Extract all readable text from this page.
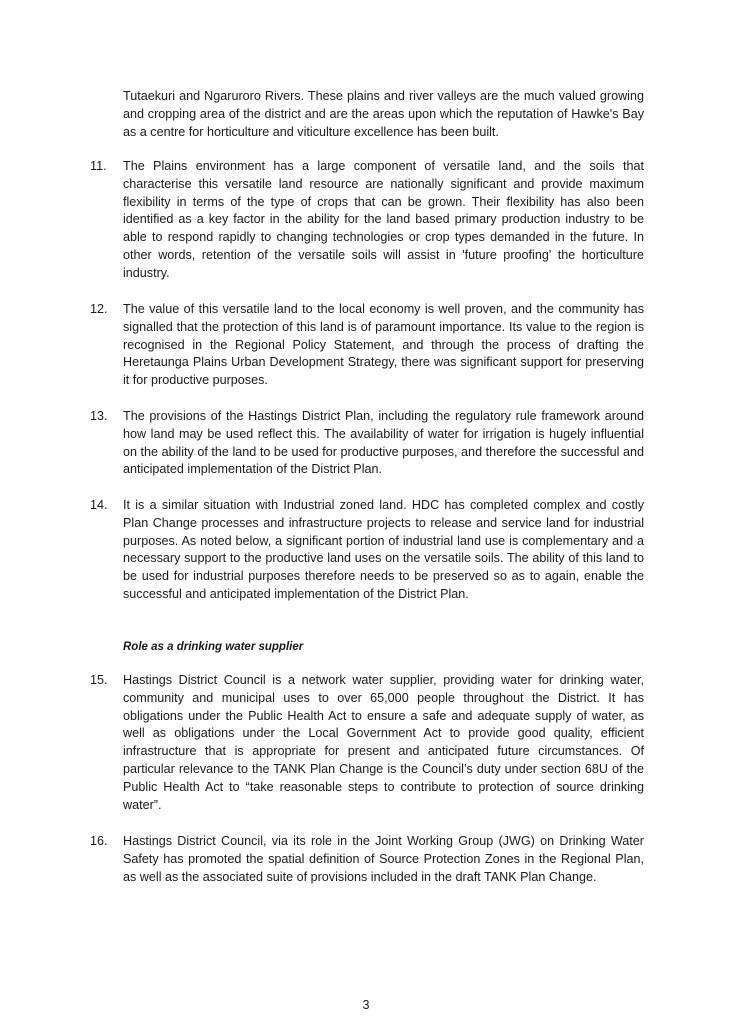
Tutaekuri and Ngaruroro Rivers. These plains and river valleys are the much valued growing and cropping area of the district and are the areas upon which the reputation of Hawke's Bay as a centre for horticulture and viticulture excellence has been built.
11. The Plains environment has a large component of versatile land, and the soils that characterise this versatile land resource are nationally significant and provide maximum flexibility in terms of the type of crops that can be grown. Their flexibility has also been identified as a key factor in the ability for the land based primary production industry to be able to respond rapidly to changing technologies or crop types demanded in the future. In other words, retention of the versatile soils will assist in 'future proofing' the horticulture industry.
12. The value of this versatile land to the local economy is well proven, and the community has signalled that the protection of this land is of paramount importance. Its value to the region is recognised in the Regional Policy Statement, and through the process of drafting the Heretaunga Plains Urban Development Strategy, there was significant support for preserving it for productive purposes.
13. The provisions of the Hastings District Plan, including the regulatory rule framework around how land may be used reflect this. The availability of water for irrigation is hugely influential on the ability of the land to be used for productive purposes, and therefore the successful and anticipated implementation of the District Plan.
14. It is a similar situation with Industrial zoned land. HDC has completed complex and costly Plan Change processes and infrastructure projects to release and service land for industrial purposes. As noted below, a significant portion of industrial land use is complementary and a necessary support to the productive land uses on the versatile soils. The ability of this land to be used for industrial purposes therefore needs to be preserved so as to again, enable the successful and anticipated implementation of the District Plan.
Role as a drinking water supplier
15. Hastings District Council is a network water supplier, providing water for drinking water, community and municipal uses to over 65,000 people throughout the District. It has obligations under the Public Health Act to ensure a safe and adequate supply of water, as well as obligations under the Local Government Act to provide good quality, efficient infrastructure that is appropriate for present and anticipated future circumstances. Of particular relevance to the TANK Plan Change is the Council’s duty under section 68U of the Public Health Act to “take reasonable steps to contribute to protection of source drinking water”.
16. Hastings District Council, via its role in the Joint Working Group (JWG) on Drinking Water Safety has promoted the spatial definition of Source Protection Zones in the Regional Plan, as well as the associated suite of provisions included in the draft TANK Plan Change.
3
